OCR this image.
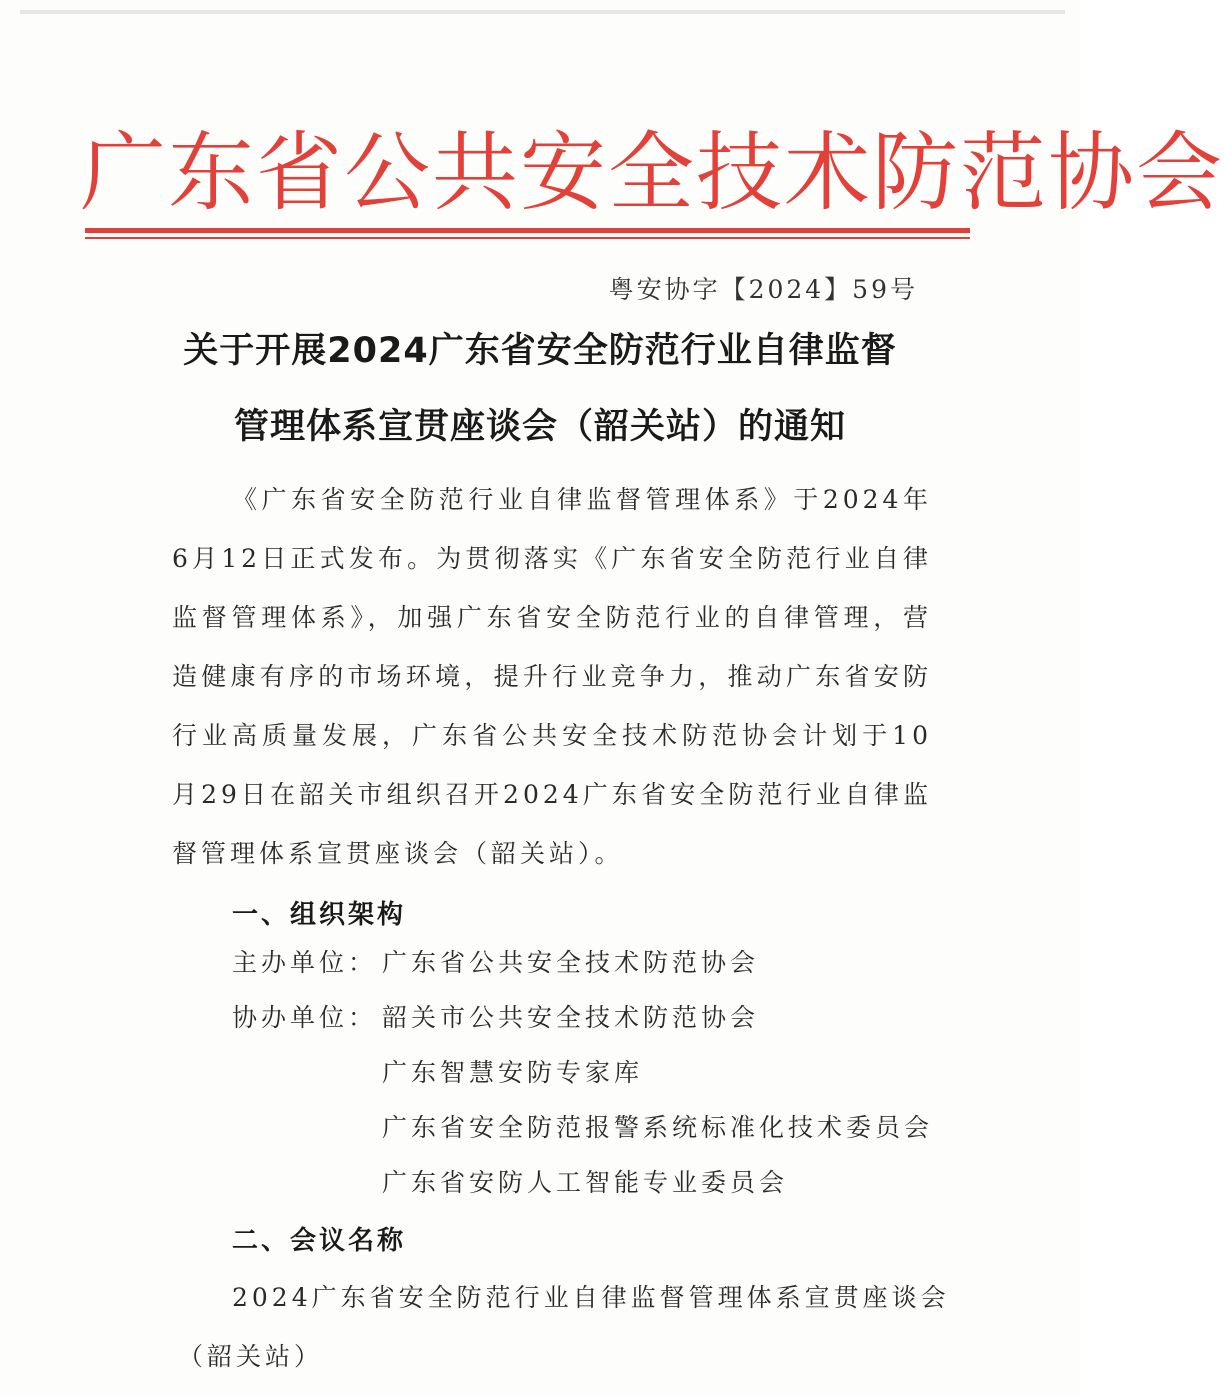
广东省公共安全技术防范协会
粤安协字【2024】59号
关于开展2024广东省安全防范行业自律监督
管理体系宣贯座谈会（韶关站）的通知
《广东省安全防范行业自律监督管理体系》于2024年6月12日正式发布。为贯彻落实《广东省安全防范行业自律监督管理体系》，加强广东省安全防范行业的自律管理，营造健康有序的市场环境，提升行业竞争力，推动广东省安防行业高质量发展，广东省公共安全技术防范协会计划于10月29日在韶关市组织召开2024广东省安全防范行业自律监督管理体系宣贯座谈会（韶关站）。
一、组织架构
主办单位： 广东省公共安全技术防范协会
协办单位： 韶关市公共安全技术防范协会
广东智慧安防专家库
广东省安全防范报警系统标准化技术委员会
广东省安防人工智能专业委员会
二、会议名称
2024广东省安全防范行业自律监督管理体系宣贯座谈会（韶关站）
